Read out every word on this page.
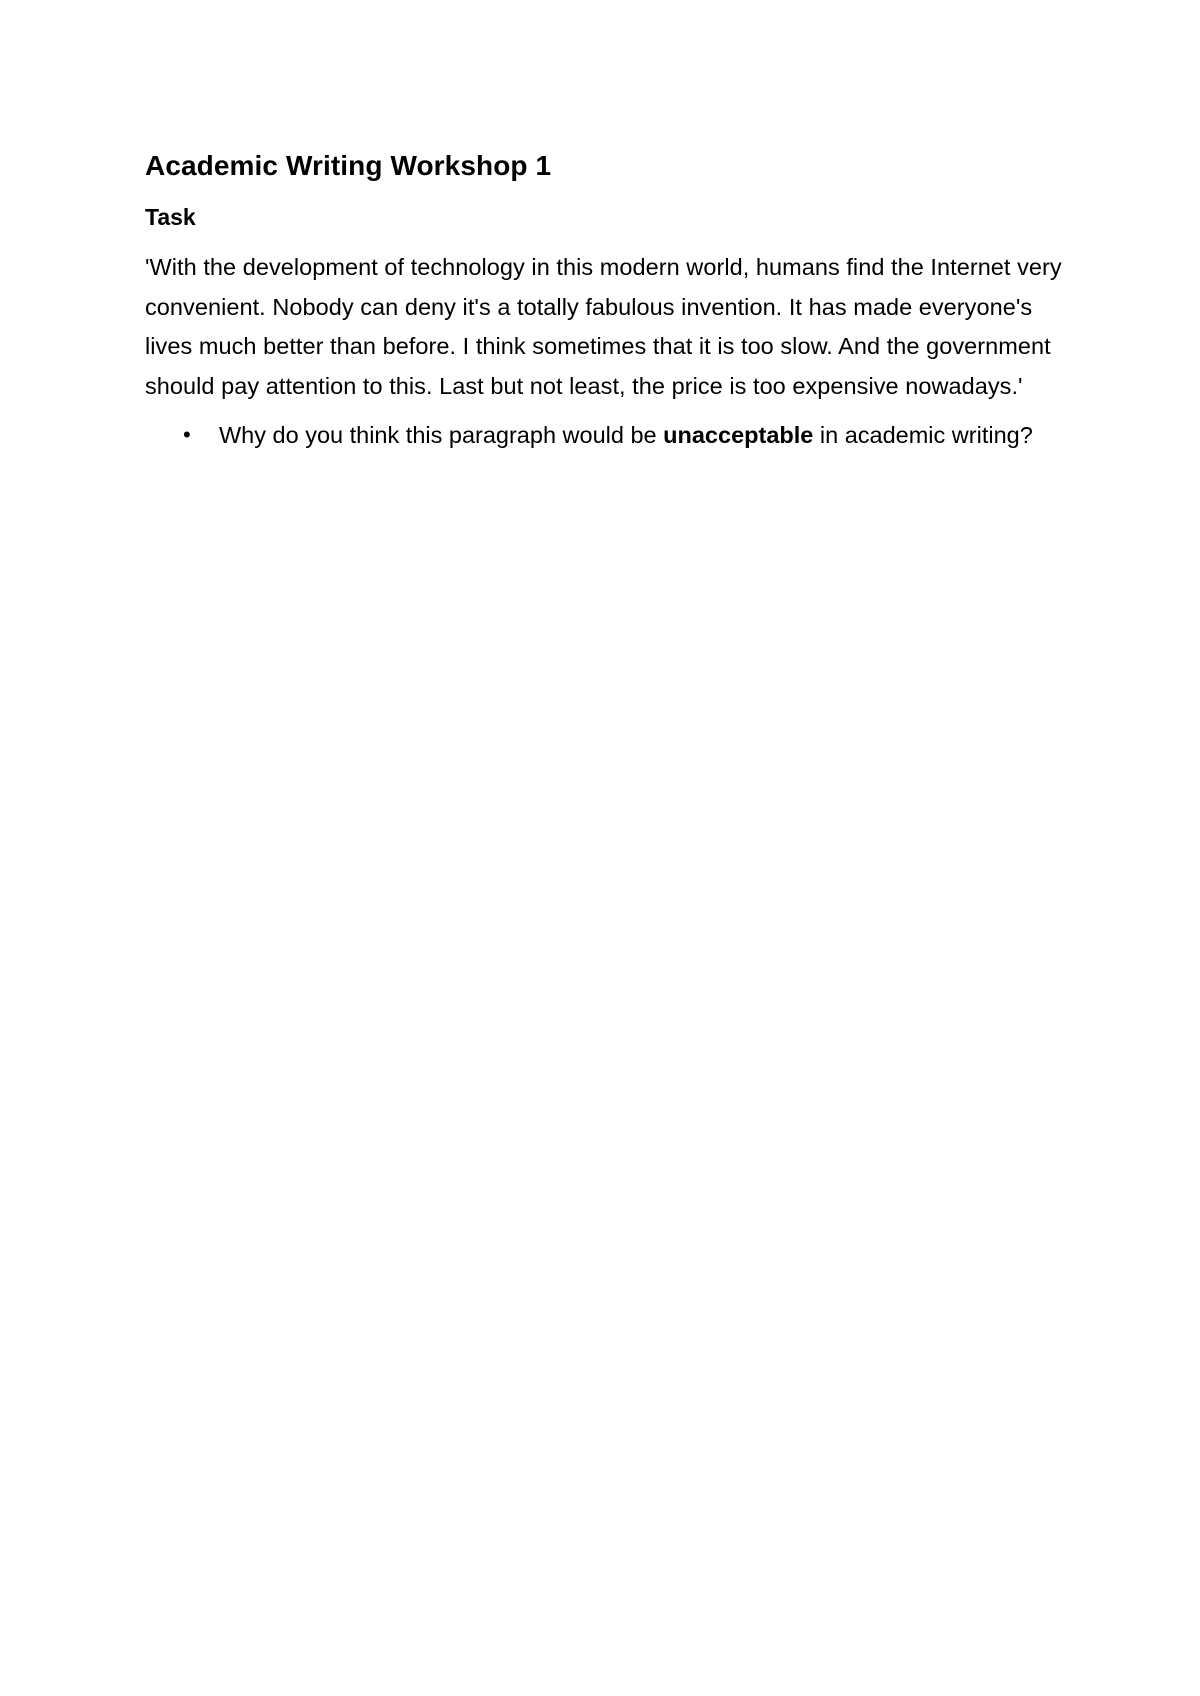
Academic Writing Workshop 1
Task

'With the development of technology in this modern world, humans find the Internet very convenient. Nobody can deny it's a totally fabulous invention. It has made everyone's lives much better than before. I think sometimes that it is too slow. And the government should pay attention to this. Last but not least, the price is too expensive nowadays.'

• Why do you think this paragraph would be unacceptable in academic writing?
